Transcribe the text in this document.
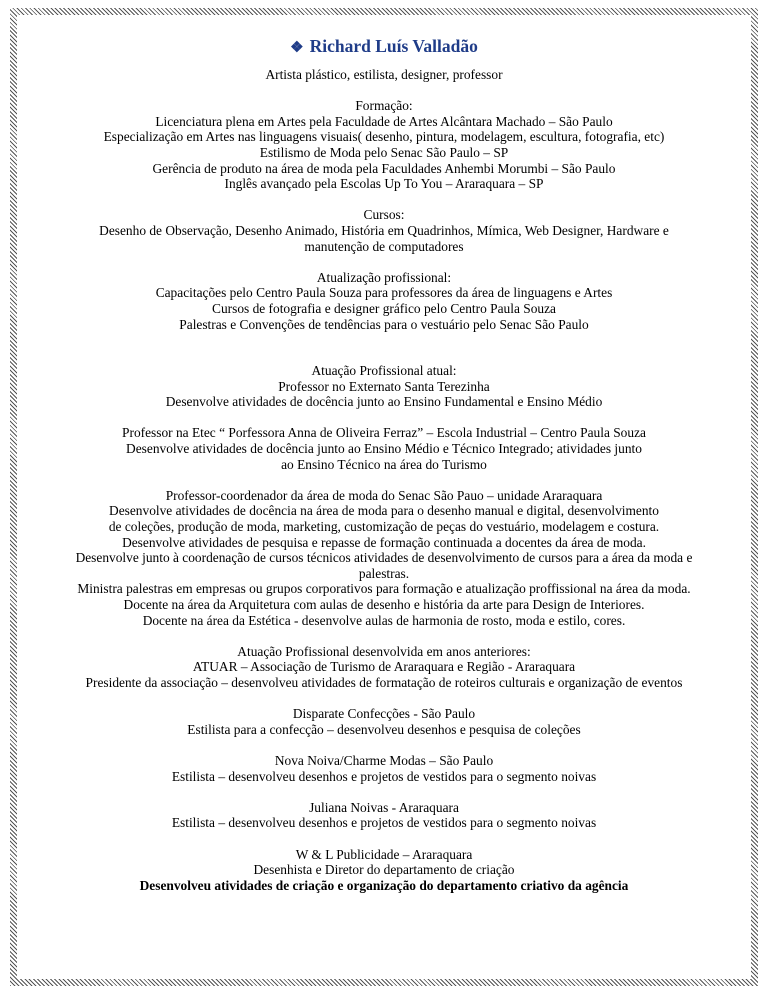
❖ Richard Luís Valladão
Artista plástico, estilista, designer, professor
Formação:
Licenciatura plena em Artes pela Faculdade de Artes Alcântara Machado – São Paulo
Especialização em Artes nas linguagens visuais( desenho, pintura, modelagem, escultura, fotografia, etc)
Estilismo de Moda pelo Senac São Paulo – SP
Gerência de produto na área de moda pela Faculdades Anhembi Morumbi – São Paulo
Inglês avançado pela Escolas Up To You – Araraquara – SP
Cursos:
Desenho de Observação, Desenho Animado, História em Quadrinhos, Mímica, Web Designer, Hardware e
manutenção de computadores
Atualização profissional:
Capacitações pelo Centro Paula Souza para professores da área de linguagens e Artes
Cursos de fotografia e designer gráfico pelo Centro Paula Souza
Palestras e Convenções de tendências para o vestuário pelo Senac São Paulo
Atuação Profissional atual:
Professor no Externato Santa Terezinha
Desenvolve atividades de docência junto ao Ensino Fundamental e Ensino Médio
Professor na Etec “ Porfessora Anna de Oliveira Ferraz” – Escola Industrial – Centro Paula Souza
Desenvolve atividades de docência junto ao Ensino Médio e Técnico Integrado; atividades junto
ao Ensino Técnico na área do Turismo
Professor-coordenador da área de moda do Senac São Pauo – unidade Araraquara
Desenvolve atividades de docência na área de moda para o desenho manual e digital, desenvolvimento
de coleções, produção de moda, marketing, customização de peças do vestuário, modelagem e costura.
Desenvolve atividades de pesquisa e repasse de formação continuada a docentes da área de moda.
Desenvolve junto à coordenação de cursos técnicos atividades de desenvolvimento de cursos para a área da moda e
palestras.
Ministra palestras em empresas ou grupos corporativos para formação e atualização proffissional na área da moda.
Docente na área da Arquitetura com aulas de desenho e história da arte para Design de Interiores.
Docente na área da Estética - desenvolve aulas de harmonia de rosto, moda e estilo, cores.
Atuação Profissional desenvolvida em anos anteriores:
ATUAR – Associação de Turismo de Araraquara e Região - Araraquara
Presidente da associação – desenvolveu atividades de formatação de roteiros culturais e organização de eventos
Disparate Confecções - São Paulo
Estilista para a confecção – desenvolveu desenhos e pesquisa de coleções
Nova Noiva/Charme Modas – São Paulo
Estilista – desenvolveu desenhos e projetos de vestidos para o segmento noivas
Juliana Noivas - Araraquara
Estilista – desenvolveu desenhos e projetos de vestidos para o segmento noivas
W & L Publicidade – Araraquara
Desenhista e Diretor do departamento de criação
Desenvolveu atividades de criação e organização do departamento criativo da agência
